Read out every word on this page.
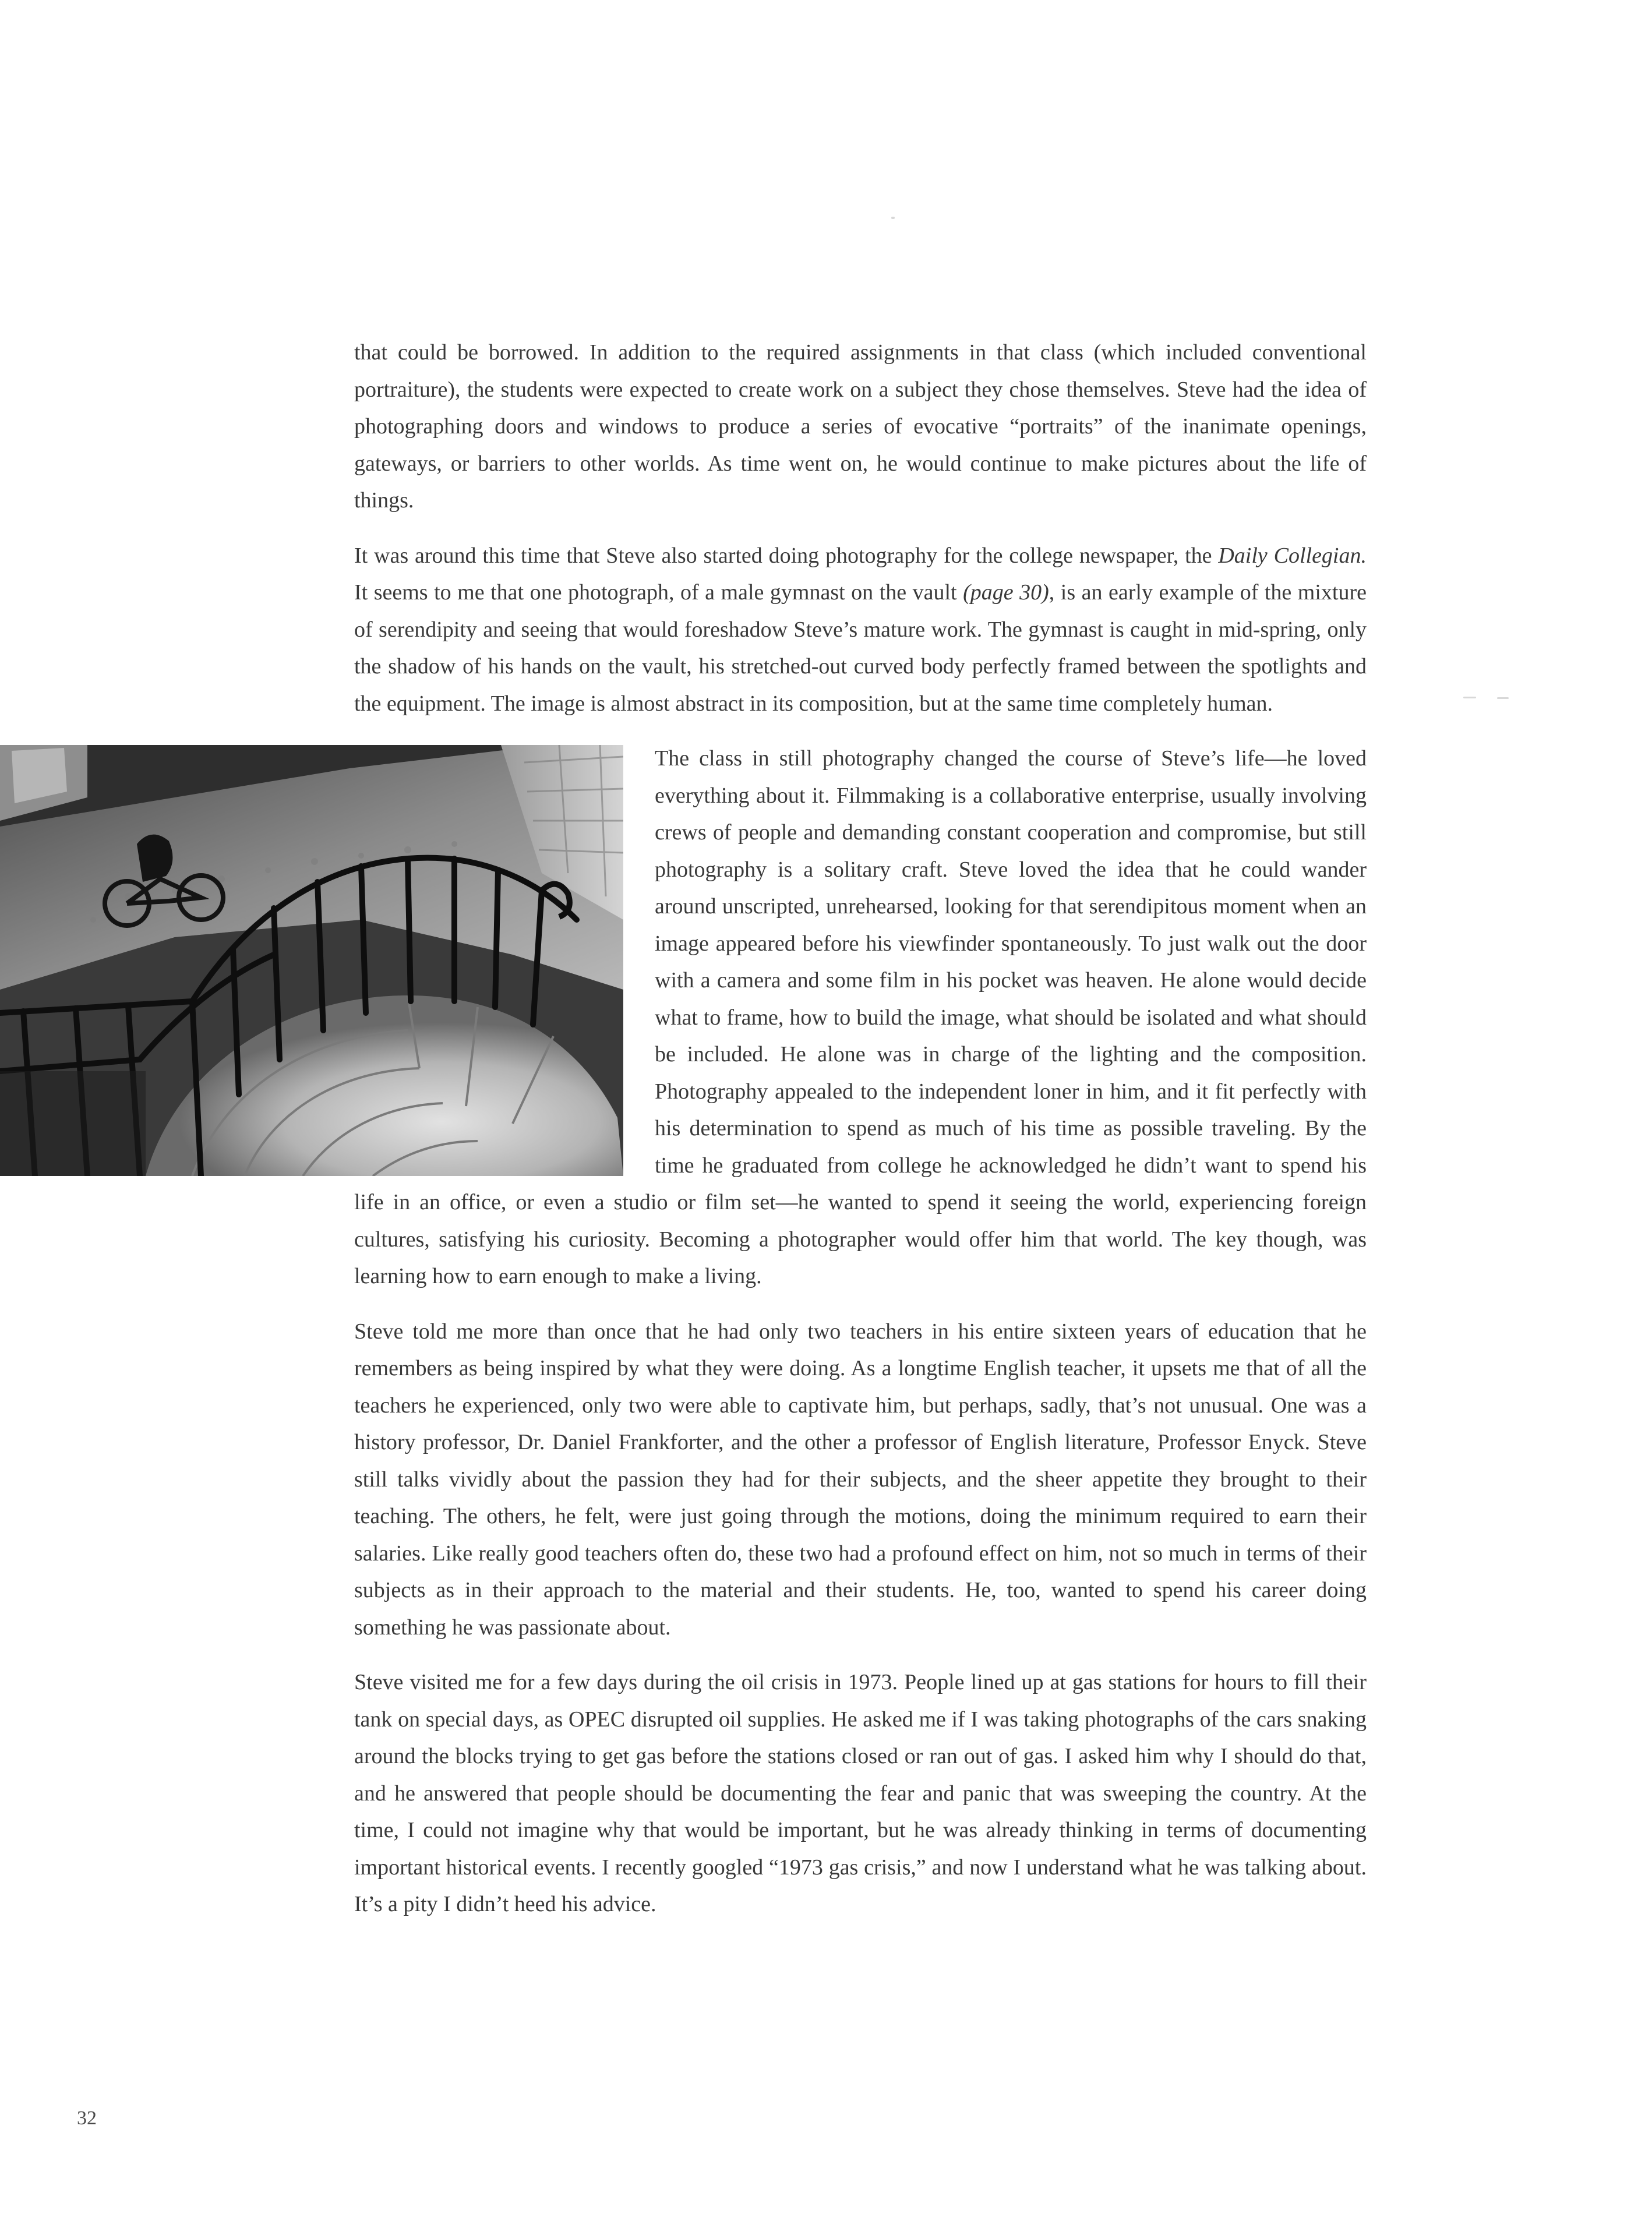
that could be borrowed. In addition to the required assignments in that class (which included conventional portraiture), the students were expected to create work on a subject they chose themselves. Steve had the idea of photographing doors and windows to produce a series of evocative “portraits” of the inanimate openings, gateways, or barriers to other worlds. As time went on, he would continue to make pictures about the life of things.

It was around this time that Steve also started doing photography for the college newspaper, the Daily Collegian. It seems to me that one photograph, of a male gymnast on the vault (page 30), is an early example of the mixture of serendipity and seeing that would foreshadow Steve’s mature work. The gymnast is caught in mid-spring, only the shadow of his hands on the vault, his stretched-out curved body perfectly framed between the spotlights and the equipment. The image is almost abstract in its composition, but at the same time completely human.

The class in still photography changed the course of Steve’s life—he loved everything about it. Filmmaking is a collaborative enterprise, usually involving crews of people and demanding constant cooperation and compromise, but still photography is a solitary craft. Steve loved the idea that he could wander around unscripted, unrehearsed, looking for that serendipitous moment when an image appeared before his viewfinder spontaneously. To just walk out the door with a camera and some film in his pocket was heaven. He alone would decide what to frame, how to build the image, what should be isolated and what should be included. He alone was in charge of the lighting and the composition. Photography appealed to the independent loner in him, and it fit perfectly with his determination to spend as much of his time as possible traveling. By the time he graduated from college he acknowledged he didn’t want to spend his life in an office, or even a studio or film set—he wanted to spend it seeing the world, experiencing foreign cultures, satisfying his curiosity. Becoming a photographer would offer him that world. The key though, was learning how to earn enough to make a living.

Steve told me more than once that he had only two teachers in his entire sixteen years of education that he remembers as being inspired by what they were doing. As a longtime English teacher, it upsets me that of all the teachers he experienced, only two were able to captivate him, but perhaps, sadly, that’s not unusual. One was a history professor, Dr. Daniel Frankforter, and the other a professor of English literature, Professor Enyck. Steve still talks vividly about the passion they had for their subjects, and the sheer appetite they brought to their teaching. The others, he felt, were just going through the motions, doing the minimum required to earn their salaries. Like really good teachers often do, these two had a profound effect on him, not so much in terms of their subjects as in their approach to the material and their students. He, too, wanted to spend his career doing something he was passionate about.

Steve visited me for a few days during the oil crisis in 1973. People lined up at gas stations for hours to fill their tank on special days, as OPEC disrupted oil supplies. He asked me if I was taking photographs of the cars snaking around the blocks trying to get gas before the stations closed or ran out of gas. I asked him why I should do that, and he answered that people should be documenting the fear and panic that was sweeping the country. At the time, I could not imagine why that would be important, but he was already thinking in terms of documenting important historical events. I recently googled “1973 gas crisis,” and now I understand what he was talking about. It’s a pity I didn’t heed his advice.

32
